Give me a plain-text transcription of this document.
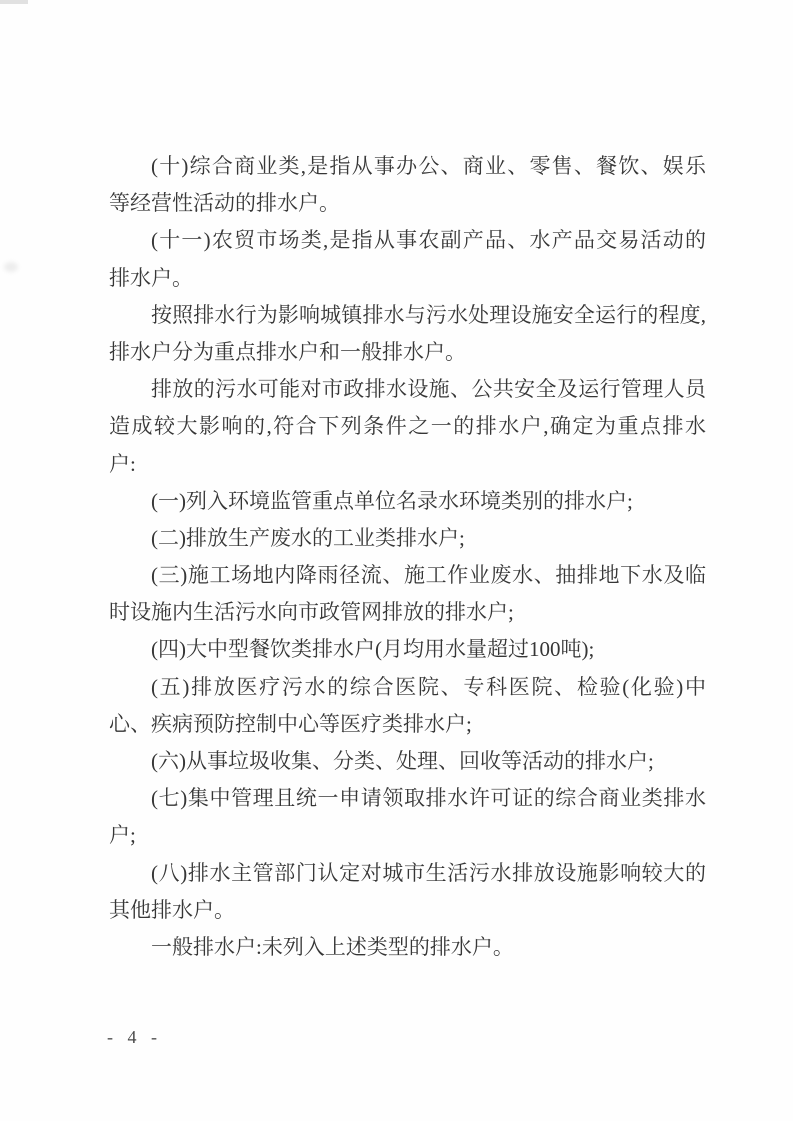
(十)综合商业类,是指从事办公、商业、零售、餐饮、娱乐
等经营性活动的排水户。
(十一)农贸市场类,是指从事农副产品、水产品交易活动的
排水户。
按照排水行为影响城镇排水与污水处理设施安全运行的程度,
排水户分为重点排水户和一般排水户。
排放的污水可能对市政排水设施、公共安全及运行管理人员
造成较大影响的,符合下列条件之一的排水户,确定为重点排水
户:
(一)列入环境监管重点单位名录水环境类别的排水户;
(二)排放生产废水的工业类排水户;
(三)施工场地内降雨径流、施工作业废水、抽排地下水及临
时设施内生活污水向市政管网排放的排水户;
(四)大中型餐饮类排水户(月均用水量超过100吨);
(五)排放医疗污水的综合医院、专科医院、检验(化验)中
心、疾病预防控制中心等医疗类排水户;
(六)从事垃圾收集、分类、处理、回收等活动的排水户;
(七)集中管理且统一申请领取排水许可证的综合商业类排水
户;
(八)排水主管部门认定对城市生活污水排放设施影响较大的
其他排水户。
一般排水户:未列入上述类型的排水户。
- 4 -
